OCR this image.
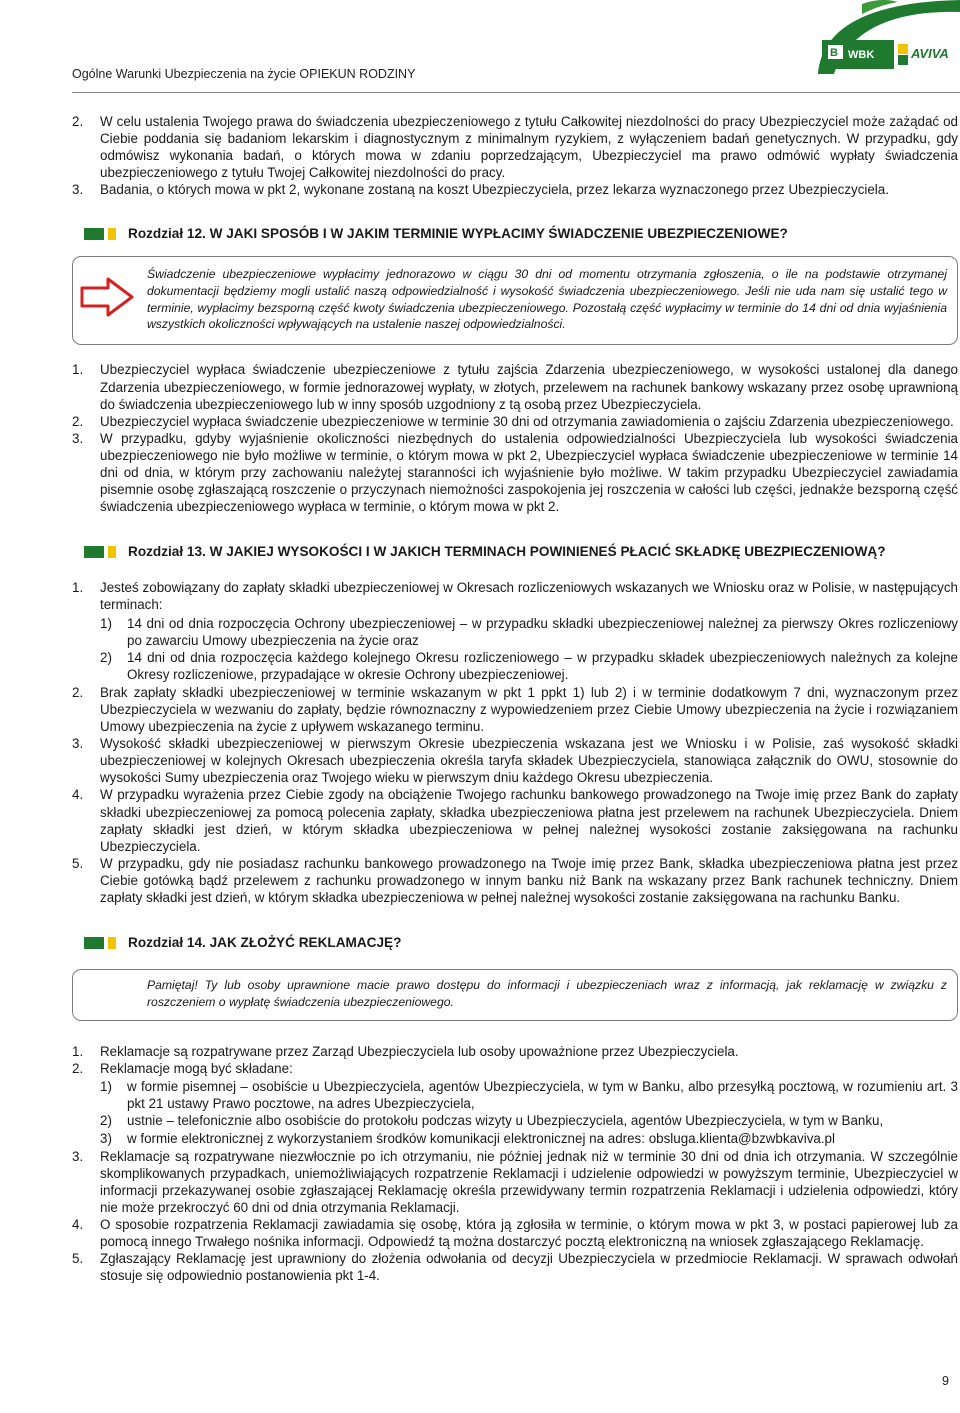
Ogólne Warunki Ubezpieczenia na życie OPIEKUN RODZINY
B WBK	AVIVA
2. W celu ustalenia Twojego prawa do świadczenia ubezpieczeniowego z tytułu Całkowitej niezdolności do pracy Ubezpieczyciel może zażądać od Ciebie poddania się badaniom lekarskim i diagnostycznym z minimalnym ryzykiem, z wyłączeniem badań genetycznych. W przypadku, gdy odmówisz wykonania badań, o których mowa w zdaniu poprzedzającym, Ubezpieczyciel ma prawo odmówić wypłaty świadczenia ubezpieczeniowego z tytułu Twojej Całkowitej niezdolności do pracy.
3. Badania, o których mowa w pkt 2, wykonane zostaną na koszt Ubezpieczyciela, przez lekarza wyznaczonego przez Ubezpieczyciela.
Rozdział 12. W JAKI SPOSÓB I W JAKIM TERMINIE WYPŁACIMY ŚWIADCZENIE UBEZPIECZENIOWE?
Świadczenie ubezpieczeniowe wypłacimy jednorazowo w ciągu 30 dni od momentu otrzymania zgłoszenia, o ile na podstawie otrzymanej dokumentacji będziemy mogli ustalić naszą odpowiedzialność i wysokość świadczenia ubezpieczeniowego. Jeśli nie uda nam się ustalić tego w terminie, wypłacimy bezsporną część kwoty świadczenia ubezpieczeniowego. Pozostałą część wypłacimy w terminie do 14 dni od dnia wyjaśnienia wszystkich okoliczności wpływających na ustalenie naszej odpowiedzialności.
1. Ubezpieczyciel wypłaca świadczenie ubezpieczeniowe z tytułu zajścia Zdarzenia ubezpieczeniowego, w wysokości ustalonej dla danego Zdarzenia ubezpieczeniowego, w formie jednorazowej wypłaty, w złotych, przelewem na rachunek bankowy wskazany przez osobę uprawnioną do świadczenia ubezpieczeniowego lub w inny sposób uzgodniony z tą osobą przez Ubezpieczyciela.
2. Ubezpieczyciel wypłaca świadczenie ubezpieczeniowe w terminie 30 dni od otrzymania zawiadomienia o zajściu Zdarzenia ubezpieczeniowego.
3. W przypadku, gdyby wyjaśnienie okoliczności niezbędnych do ustalenia odpowiedzialności Ubezpieczyciela lub wysokości świadczenia ubezpieczeniowego nie było możliwe w terminie, o którym mowa w pkt 2, Ubezpieczyciel wypłaca świadczenie ubezpieczeniowe w terminie 14 dni od dnia, w którym przy zachowaniu należytej staranności ich wyjaśnienie było możliwe. W takim przypadku Ubezpieczyciel zawiadamia pisemnie osobę zgłaszającą roszczenie o przyczynach niemożności zaspokojenia jej roszczenia w całości lub części, jednakże bezsporną część świadczenia ubezpieczeniowego wypłaca w terminie, o którym mowa w pkt 2.
Rozdział 13. W JAKIEJ WYSOKOŚCI I W JAKICH TERMINACH POWINIENEŚ PŁACIĆ SKŁADKĘ UBEZPIECZENIOWĄ?
1. Jesteś zobowiązany do zapłaty składki ubezpieczeniowej w Okresach rozliczeniowych wskazanych we Wniosku oraz w Polisie, w następujących terminach:
1) 14 dni od dnia rozpoczęcia Ochrony ubezpieczeniowej – w przypadku składki ubezpieczeniowej należnej za pierwszy Okres rozliczeniowy po zawarciu Umowy ubezpieczenia na życie oraz
2) 14 dni od dnia rozpoczęcia każdego kolejnego Okresu rozliczeniowego – w przypadku składek ubezpieczeniowych należnych za kolejne Okresy rozliczeniowe, przypadające w okresie Ochrony ubezpieczeniowej.
2. Brak zapłaty składki ubezpieczeniowej w terminie wskazanym w pkt 1 ppkt 1) lub 2) i w terminie dodatkowym 7 dni, wyznaczonym przez Ubezpieczyciela w wezwaniu do zapłaty, będzie równoznaczny z wypowiedzeniem przez Ciebie Umowy ubezpieczenia na życie i rozwiązaniem Umowy ubezpieczenia na życie z upływem wskazanego terminu.
3. Wysokość składki ubezpieczeniowej w pierwszym Okresie ubezpieczenia wskazana jest we Wniosku i w Polisie, zaś wysokość składki ubezpieczeniowej w kolejnych Okresach ubezpieczenia określa taryfa składek Ubezpieczyciela, stanowiąca załącznik do OWU, stosownie do wysokości Sumy ubezpieczenia oraz Twojego wieku w pierwszym dniu każdego Okresu ubezpieczenia.
4. W przypadku wyrażenia przez Ciebie zgody na obciążenie Twojego rachunku bankowego prowadzonego na Twoje imię przez Bank do zapłaty składki ubezpieczeniowej za pomocą polecenia zapłaty, składka ubezpieczeniowa płatna jest przelewem na rachunek Ubezpieczyciela. Dniem zapłaty składki jest dzień, w którym składka ubezpieczeniowa w pełnej należnej wysokości zostanie zaksięgowana na rachunku Ubezpieczyciela.
5. W przypadku, gdy nie posiadasz rachunku bankowego prowadzonego na Twoje imię przez Bank, składka ubezpieczeniowa płatna jest przez Ciebie gotówką bądź przelewem z rachunku prowadzonego w innym banku niż Bank na wskazany przez Bank rachunek techniczny. Dniem zapłaty składki jest dzień, w którym składka ubezpieczeniowa w pełnej należnej wysokości zostanie zaksięgowana na rachunku Banku.
Rozdział 14. JAK ZŁOŻYĆ REKLAMACJĘ?
Pamiętaj! Ty lub osoby uprawnione macie prawo dostępu do informacji i ubezpieczeniach wraz z informacją, jak reklamację w związku z roszczeniem o wypłatę świadczenia ubezpieczeniowego.
1. Reklamacje są rozpatrywane przez Zarząd Ubezpieczyciela lub osoby upoważnione przez Ubezpieczyciela.
2. Reklamacje mogą być składane:
1) w formie pisemnej – osobiście u Ubezpieczyciela, agentów Ubezpieczyciela, w tym w Banku, albo przesyłką pocztową, w rozumieniu art. 3 pkt 21 ustawy Prawo pocztowe, na adres Ubezpieczyciela,
2) ustnie – telefonicznie albo osobiście do protokołu podczas wizyty u Ubezpieczyciela, agentów Ubezpieczyciela, w tym w Banku,
3) w formie elektronicznej z wykorzystaniem środków komunikacji elektronicznej na adres: obsluga.klienta@bzwbkaviva.pl
3. Reklamacje są rozpatrywane niezwłocznie po ich otrzymaniu, nie później jednak niż w terminie 30 dni od dnia ich otrzymania. W szczególnie skomplikowanych przypadkach, uniemożliwiających rozpatrzenie Reklamacji i udzielenie odpowiedzi w powyższym terminie, Ubezpieczyciel w informacji przekazywanej osobie zgłaszającej Reklamację określa przewidywany termin rozpatrzenia Reklamacji i udzielenia odpowiedzi, który nie może przekroczyć 60 dni od dnia otrzymania Reklamacji.
4. O sposobie rozpatrzenia Reklamacji zawiadamia się osobę, która ją zgłosiła w terminie, o którym mowa w pkt 3, w postaci papierowej lub za pomocą innego Trwałego nośnika informacji. Odpowiedź tą można dostarczyć pocztą elektroniczną na wniosek zgłaszającego Reklamację.
5. Zgłaszający Reklamację jest uprawniony do złożenia odwołania od decyzji Ubezpieczyciela w przedmiocie Reklamacji. W sprawach odwołań stosuje się odpowiednio postanowienia pkt 1-4.
9
